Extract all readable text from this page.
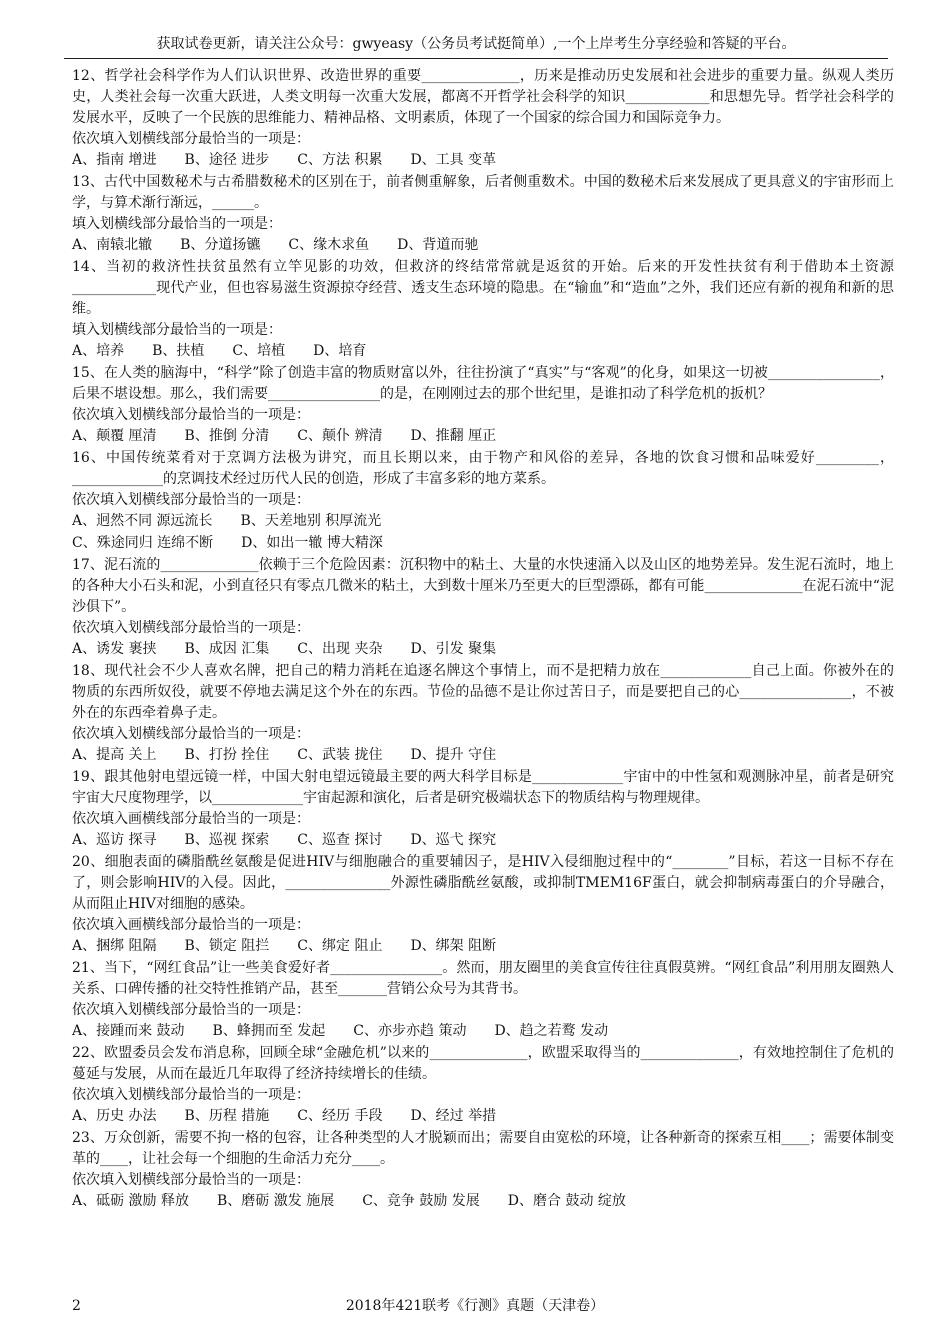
获取试卷更新，请关注公众号：gwyeasy（公务员考试挺简单）,一个上岸考生分享经验和答疑的平台。

12、哲学社会科学作为人们认识世界、改造世界的重要______________，历来是推动历史发展和社会进步的重要力量。纵观人类历史，人类社会每一次重大跃进，人类文明每一次重大发展，都离不开哲学社会科学的知识____________和思想先导。哲学社会科学的发展水平，反映了一个民族的思维能力、精神品格、文明素质，体现了一个国家的综合国力和国际竞争力。

依次填入划横线部分最恰当的一项是：

A、指南 增进　　B、途径 进步　　C、方法 积累　　D、工具 变革

13、古代中国数秘术与古希腊数秘术的区别在于，前者侧重解象，后者侧重数术。中国的数秘术后来发展成了更具意义的宇宙形而上学，与算术渐行渐远，______。

填入划横线部分最恰当的一项是：

A、南辕北辙　　B、分道扬镳　　C、缘木求鱼　　D、背道而驰

14、当初的救济性扶贫虽然有立竿见影的功效，但救济的终结常常就是返贫的开始。后来的开发性扶贫有利于借助本土资源____________现代产业，但也容易滋生资源掠夺经营、透支生态环境的隐患。在“输血”和“造血”之外，我们还应有新的视角和新的思维。

填入划横线部分最恰当的一项是：

A、培养　　B、扶植　　C、培植　　D、培育

15、在人类的脑海中，“科学”除了创造丰富的物质财富以外，往往扮演了“真实”与“客观”的化身，如果这一切被________________，后果不堪设想。那么，我们需要________________的是，在刚刚过去的那个世纪里，是谁扣动了科学危机的扳机？

依次填入划横线部分最恰当的一项是：

A、颠覆 厘清　　B、推倒 分清　　C、颠仆 辨清　　D、推翻 厘正

16、中国传统菜肴对于烹调方法极为讲究，而且长期以来，由于物产和风俗的差异，各地的饮食习惯和品味爱好_________，_____________的烹调技术经过历代人民的创造，形成了丰富多彩的地方菜系。

依次填入划横线部分最恰当的一项是：

A、迥然不同 源远流长　　B、天差地别 积厚流光

C、殊途同归 连绵不断　　D、如出一辙 博大精深

17、泥石流的______________依赖于三个危险因素：沉积物中的粘土、大量的水快速涌入以及山区的地势差异。发生泥石流时，地上的各种大小石头和泥，小到直径只有零点几微米的粘土，大到数十厘米乃至更大的巨型漂砾，都有可能______________在泥石流中“泥沙俱下”。

依次填入划横线部分最恰当的一项是：

A、诱发 裹挟　　B、成因 汇集　　C、出现 夹杂　　D、引发 聚集

18、现代社会不少人喜欢名牌，把自己的精力消耗在追逐名牌这个事情上，而不是把精力放在_____________自己上面。你被外在的物质的东西所奴役，就要不停地去满足这个外在的东西。节俭的品德不是让你过苦日子，而是要把自己的心________________，不被外在的东西牵着鼻子走。

依次填入划横线部分最恰当的一项是：

A、提高 关上　　B、打扮 拴住　　C、武装 拢住　　D、提升 守住

19、跟其他射电望远镜一样，中国大射电望远镜最主要的两大科学目标是_____________宇宙中的中性氢和观测脉冲星，前者是研究宇宙大尺度物理学，以_____________宇宙起源和演化，后者是研究极端状态下的物质结构与物理规律。

依次填入画横线部分最恰当的一项是：

A、巡访 探寻　　B、巡视 探索　　C、巡查 探讨　　D、巡弋 探究

20、细胞表面的磷脂酰丝氨酸是促进HIV与细胞融合的重要辅因子，是HIV入侵细胞过程中的“________”目标，若这一目标不存在了，则会影响HIV的入侵。因此，_______________外源性磷脂酰丝氨酸，或抑制TMEM16F蛋白，就会抑制病毒蛋白的介导融合，从而阻止HIV对细胞的感染。

依次填入画横线部分最恰当的一项是：

A、捆绑 阻隔　　B、锁定 阻拦　　C、绑定 阻止　　D、绑架 阻断

21、当下，“网红食品”让一些美食爱好者________________。然而，朋友圈里的美食宣传往往真假莫辨。“网红食品”利用朋友圈熟人关系、口碑传播的社交特性推销产品，甚至_______营销公众号为其背书。

依次填入划横线部分最恰当的一项是：

A、接踵而来 鼓动　　B、蜂拥而至 发起　　C、亦步亦趋 策动　　D、趋之若鹜 发动

22、欧盟委员会发布消息称，回顾全球“金融危机”以来的______________，欧盟采取得当的______________，有效地控制住了危机的蔓延与发展，从而在最近几年取得了经济持续增长的佳绩。

依次填入划横线部分最恰当的一项是：

A、历史 办法　　B、历程 措施　　C、经历 手段　　D、经过 举措

23、万众创新，需要不拘一格的包容，让各种类型的人才脱颖而出；需要自由宽松的环境，让各种新奇的探索互相____；需要体制变革的____，让社会每一个细胞的生命活力充分____。

依次填入划横线部分最恰当的一项是：

A、砥砺 激励 释放　　B、磨砺 激发 施展　　C、竞争 鼓励 发展　　D、磨合 鼓动 绽放

2	2018年421联考《行测》真题（天津卷）
